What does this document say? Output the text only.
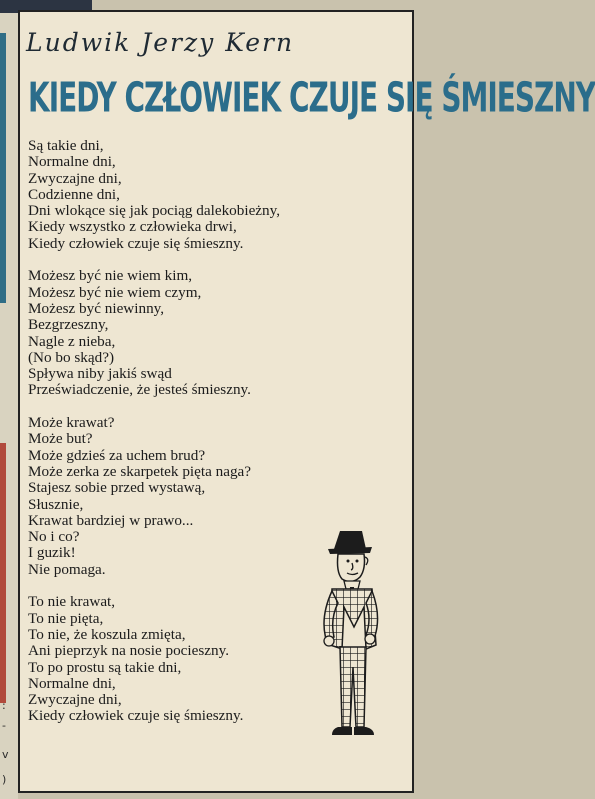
:
-
v
)
Ludwik Jerzy Kern
KIEDY CZŁOWIEK CZUJE SIĘ ŚMIESZNY
Są takie dni,
Normalne dni,
Zwyczajne dni,
Codzienne dni,
Dni wlokące się jak pociąg dalekobieżny,
Kiedy wszystko z człowieka drwi,
Kiedy człowiek czuje się śmieszny.
Możesz być nie wiem kim,
Możesz być nie wiem czym,
Możesz być niewinny,
Bezgrzeszny,
Nagle z nieba,
(No bo skąd?)
Spływa niby jakiś swąd
Przeświadczenie, że jesteś śmieszny.
Może krawat?
Może but?
Może gdzieś za uchem brud?
Może zerka ze skarpetek pięta naga?
Stajesz sobie przed wystawą,
Słusznie,
Krawat bardziej w prawo...
No i co?
I guzik!
Nie pomaga.
To nie krawat,
To nie pięta,
To nie, że koszula zmięta,
Ani pieprzyk na nosie pocieszny.
To po prostu są takie dni,
Normalne dni,
Zwyczajne dni,
Kiedy człowiek czuje się śmieszny.
